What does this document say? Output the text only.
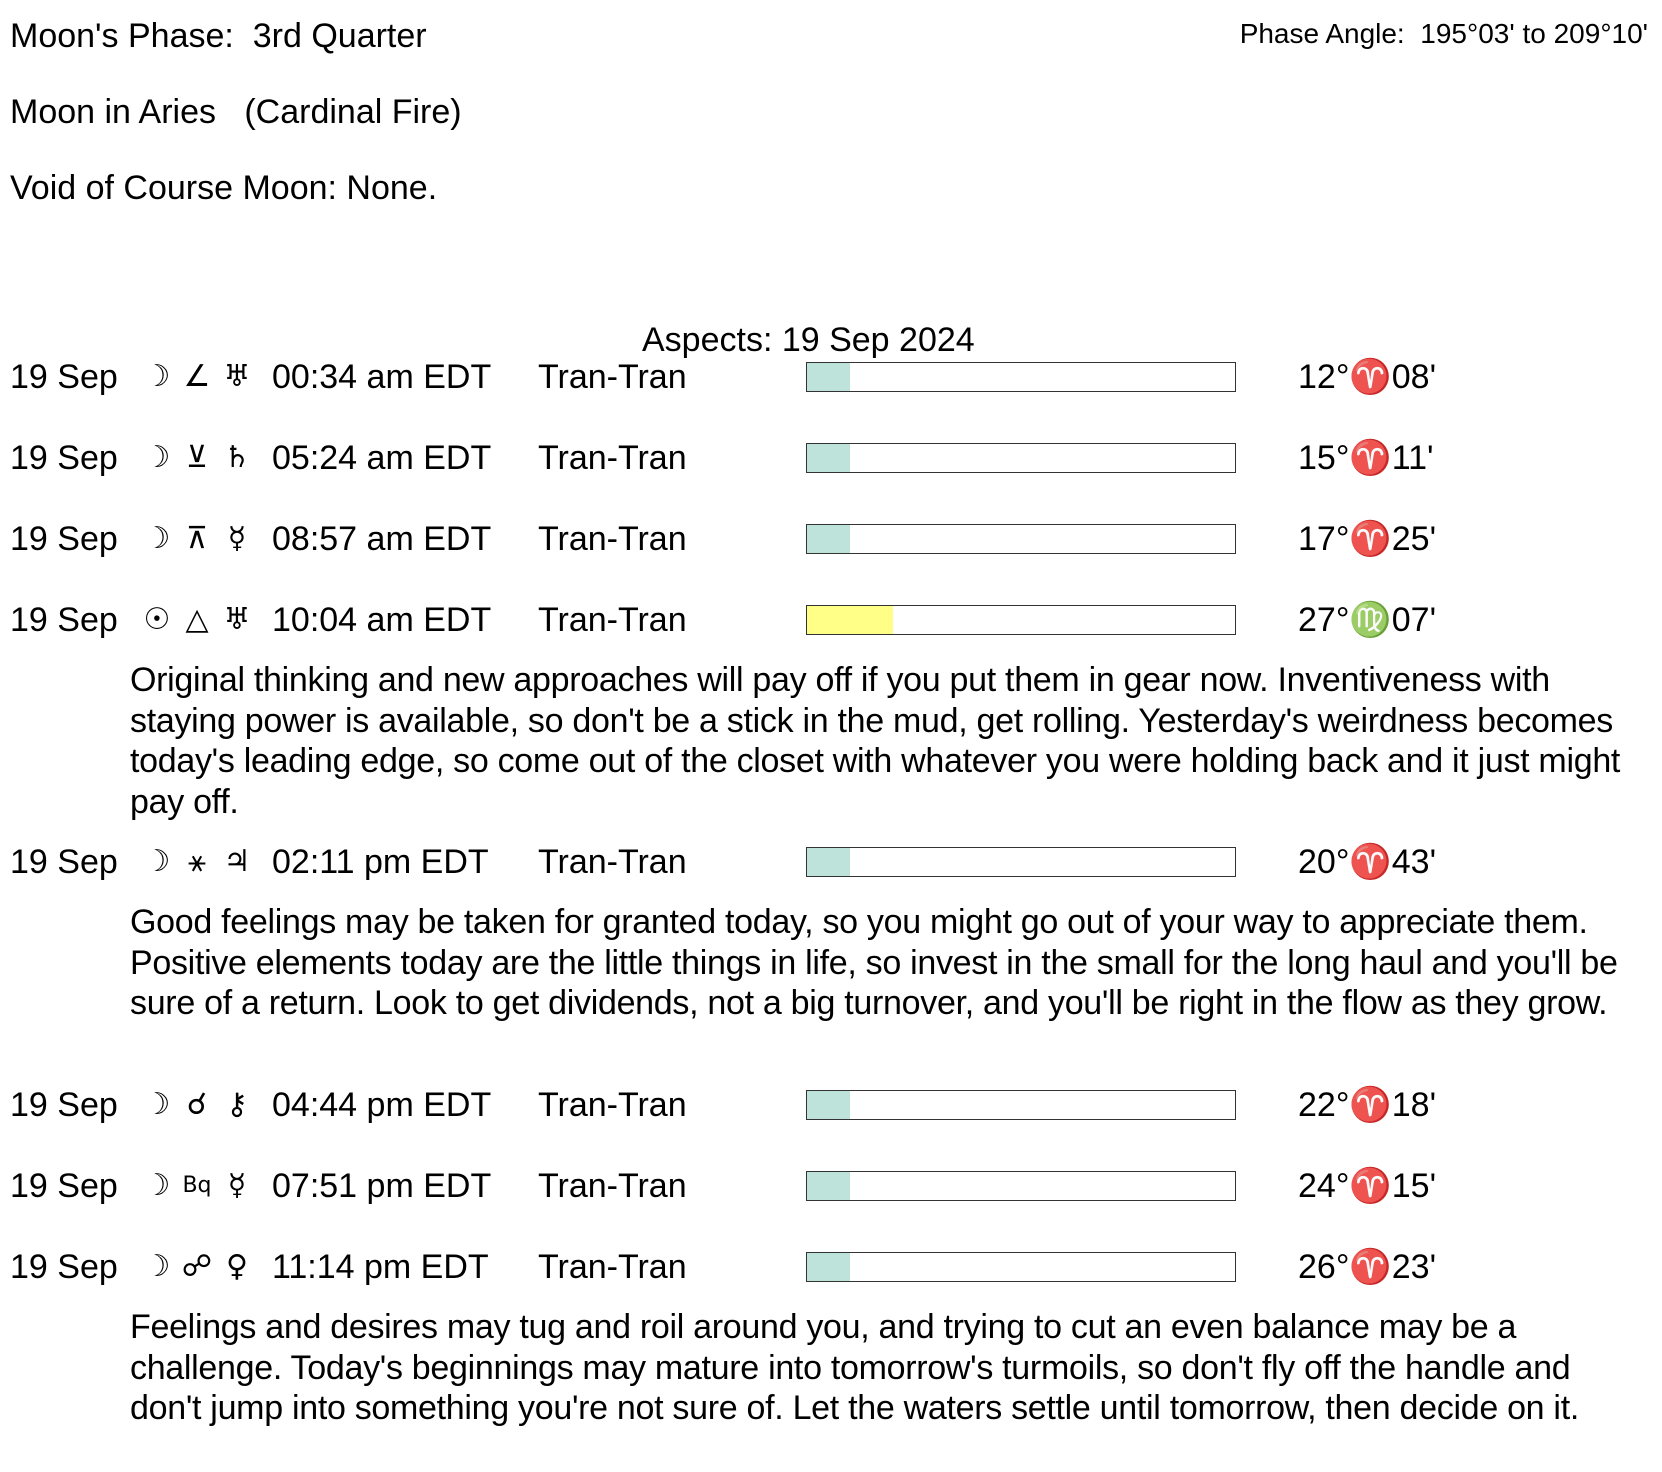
Moon's Phase: 3rd Quarter	Phase Angle: 195°03' to 209°10'
Moon in Aries (Cardinal Fire)
Void of Course Moon: None.
Aspects: 19 Sep 2024
19 Sep ☽ ∠ ♅ 00:34 am EDT Tran-Tran	12°♈08'
19 Sep ☽ ⊻ ♄ 05:24 am EDT Tran-Tran	15°♈11'
19 Sep ☽ ⊼ ☿ 08:57 am EDT Tran-Tran	17°♈25'
19 Sep ☉ △ ♅ 10:04 am EDT Tran-Tran	27°♍07'
Original thinking and new approaches will pay off if you put them in gear now. Inventiveness with staying power is available, so don't be a stick in the mud, get rolling. Yesterday's weirdness becomes today's leading edge, so come out of the closet with whatever you were holding back and it just might pay off.
19 Sep ☽ ⚹ ♃ 02:11 pm EDT Tran-Tran	20°♈43'
Good feelings may be taken for granted today, so you might go out of your way to appreciate them. Positive elements today are the little things in life, so invest in the small for the long haul and you'll be sure of a return. Look to get dividends, not a big turnover, and you'll be right in the flow as they grow.
19 Sep ☽ ☌ ⚷ 04:44 pm EDT Tran-Tran	22°♈18'
19 Sep ☽ Bq ☿ 07:51 pm EDT Tran-Tran	24°♈15'
19 Sep ☽ ☍ ♀ 11:14 pm EDT Tran-Tran	26°♈23'
Feelings and desires may tug and roil around you, and trying to cut an even balance may be a challenge. Today's beginnings may mature into tomorrow's turmoils, so don't fly off the handle and don't jump into something you're not sure of. Let the waters settle until tomorrow, then decide on it.
